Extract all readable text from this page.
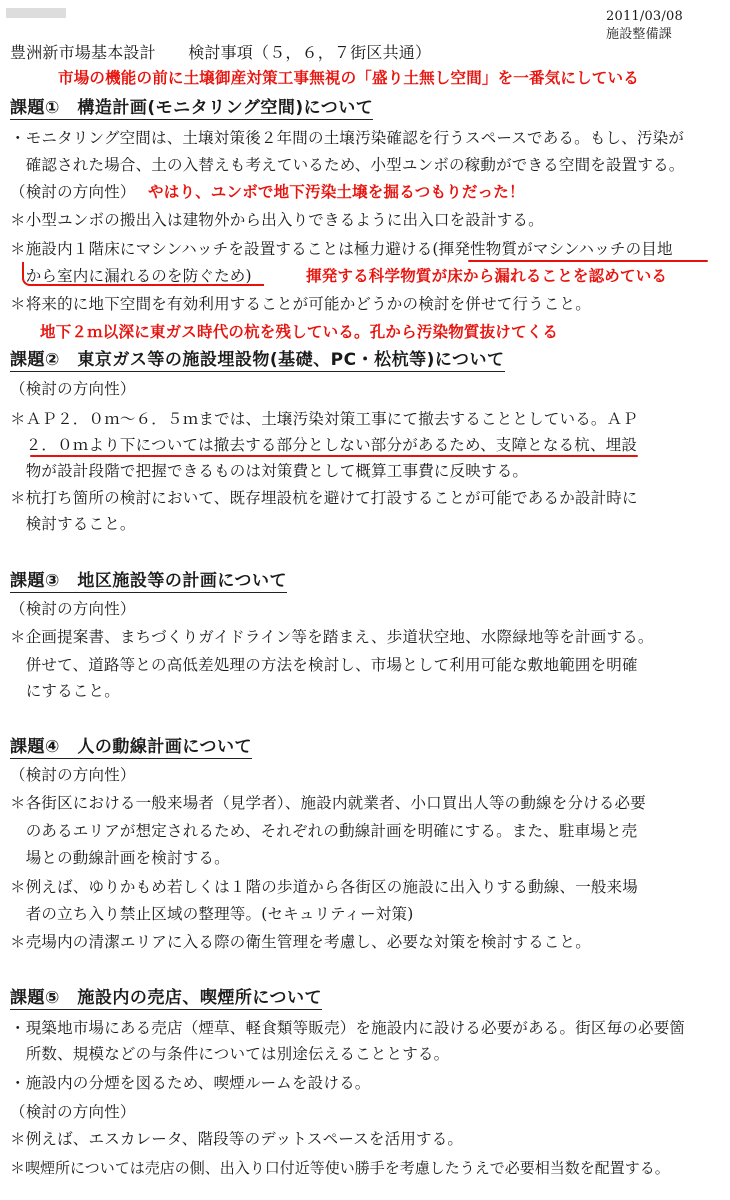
2011/03/08
施設整備課
豊洲新市場基本設計　　検討事項（５，６，７街区共通）
市場の機能の前に土壌御産対策工事無視の「盛り土無し空間」を一番気にしている
課題①　構造計画(モニタリング空間)について
・モニタリング空間は、土壌対策後２年間の土壌汚染確認を行うスペースである。もし、汚染が
　確認された場合、土の入替えも考えているため、小型ユンボの稼動ができる空間を設置する。
（検討の方向性） やはり、ユンボで地下汚染土壌を掘るつもりだった！
＊小型ユンボの搬出入は建物外から出入りできるように出入口を設計する。
＊施設内１階床にマシンハッチを設置することは極力避ける(揮発性物質がマシンハッチの目地
　から室内に漏れるのを防ぐため)	揮発する科学物質が床から漏れることを認めている
＊将来的に地下空間を有効利用することが可能かどうかの検討を併せて行うこと。
地下２ｍ以深に東ガス時代の杭を残している。孔から汚染物質抜けてくる
課題②　東京ガス等の施設埋設物(基礎、PC・松杭等)について
（検討の方向性）
＊ＡＰ２．０ｍ～６．５ｍまでは、土壌汚染対策工事にて撤去することとしている。ＡＰ
　２．０ｍより下については撤去する部分としない部分があるため、支障となる杭、埋設
　物が設計段階で把握できるものは対策費として概算工事費に反映する。
＊杭打ち箇所の検討において、既存埋設杭を避けて打設することが可能であるか設計時に
　検討すること。
課題③　地区施設等の計画について
（検討の方向性）
＊企画提案書、まちづくりガイドライン等を踏まえ、歩道状空地、水際緑地等を計画する。
　併せて、道路等との高低差処理の方法を検討し、市場として利用可能な敷地範囲を明確
　にすること。
課題④　人の動線計画について
（検討の方向性）
＊各街区における一般来場者（見学者）、施設内就業者、小口買出人等の動線を分ける必要
　のあるエリアが想定されるため、それぞれの動線計画を明確にする。また、駐車場と売
　場との動線計画を検討する。
＊例えば、ゆりかもめ若しくは１階の歩道から各街区の施設に出入りする動線、一般来場
　者の立ち入り禁止区域の整理等。(セキュリティー対策)
＊売場内の清潔エリアに入る際の衛生管理を考慮し、必要な対策を検討すること。
課題⑤　施設内の売店、喫煙所について
・現築地市場にある売店（煙草、軽食類等販売）を施設内に設ける必要がある。街区毎の必要箇
　所数、規模などの与条件については別途伝えることとする。
・施設内の分煙を図るため、喫煙ルームを設ける。
（検討の方向性）
＊例えば、エスカレータ、階段等のデットスペースを活用する。
＊喫煙所については売店の側、出入り口付近等使い勝手を考慮したうえで必要相当数を配置する。
